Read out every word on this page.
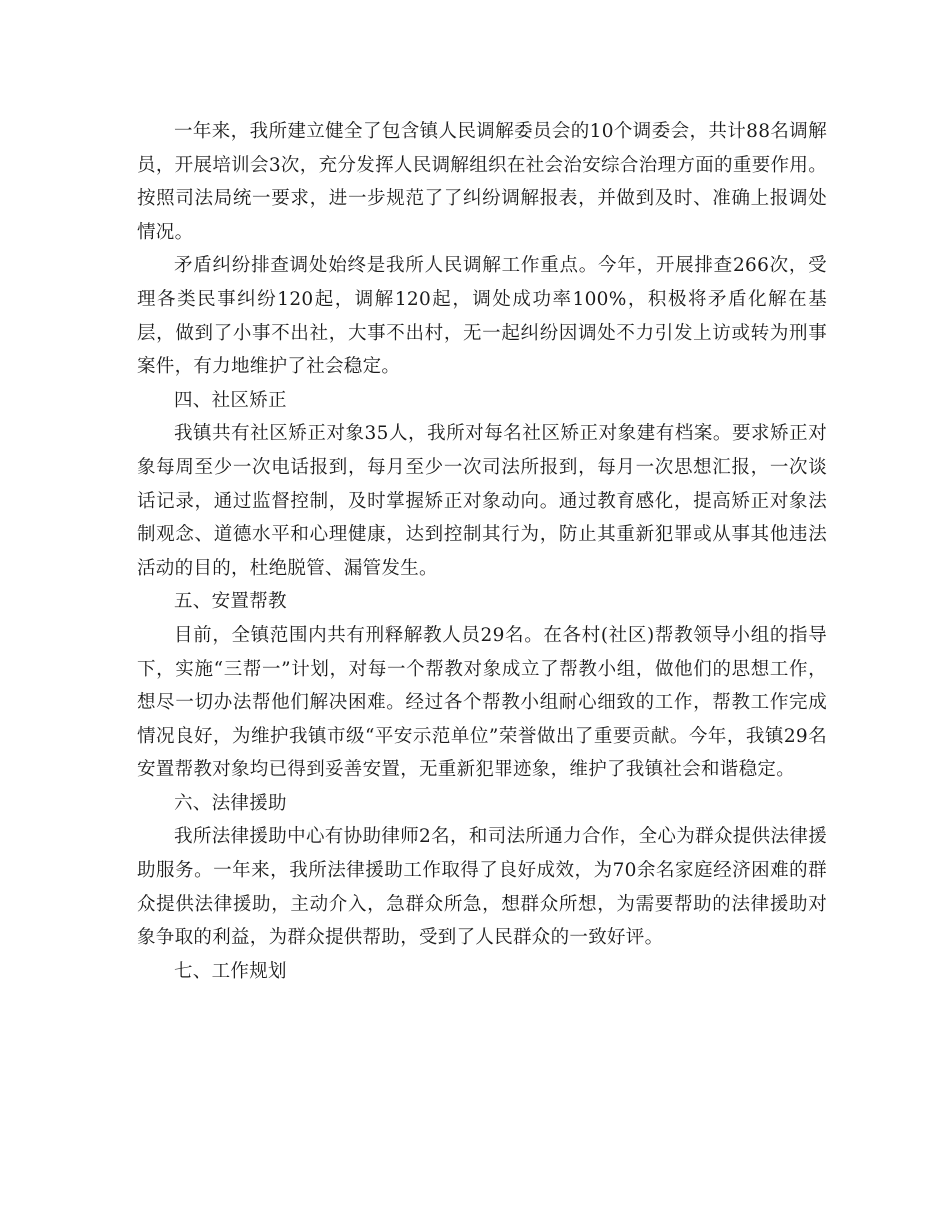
一年来，我所建立健全了包含镇人民调解委员会的10个调委会，共计88名调解员，开展培训会3次，充分发挥人民调解组织在社会治安综合治理方面的重要作用。按照司法局统一要求，进一步规范了了纠纷调解报表，并做到及时、准确上报调处情况。

矛盾纠纷排查调处始终是我所人民调解工作重点。今年，开展排查266次，受理各类民事纠纷120起，调解120起，调处成功率100%，积极将矛盾化解在基层，做到了小事不出社，大事不出村，无一起纠纷因调处不力引发上访或转为刑事案件，有力地维护了社会稳定。

四、社区矫正

我镇共有社区矫正对象35人，我所对每名社区矫正对象建有档案。要求矫正对象每周至少一次电话报到，每月至少一次司法所报到，每月一次思想汇报，一次谈话记录，通过监督控制，及时掌握矫正对象动向。通过教育感化，提高矫正对象法制观念、道德水平和心理健康，达到控制其行为，防止其重新犯罪或从事其他违法活动的目的，杜绝脱管、漏管发生。

五、安置帮教

目前，全镇范围内共有刑释解教人员29名。在各村(社区)帮教领导小组的指导下，实施“三帮一”计划，对每一个帮教对象成立了帮教小组，做他们的思想工作，想尽一切办法帮他们解决困难。经过各个帮教小组耐心细致的工作，帮教工作完成情况良好，为维护我镇市级“平安示范单位”荣誉做出了重要贡献。今年，我镇29名安置帮教对象均已得到妥善安置，无重新犯罪迹象，维护了我镇社会和谐稳定。

六、法律援助

我所法律援助中心有协助律师2名，和司法所通力合作，全心为群众提供法律援助服务。一年来，我所法律援助工作取得了良好成效，为70余名家庭经济困难的群众提供法律援助，主动介入，急群众所急，想群众所想，为需要帮助的法律援助对象争取的利益，为群众提供帮助，受到了人民群众的一致好评。

七、工作规划
